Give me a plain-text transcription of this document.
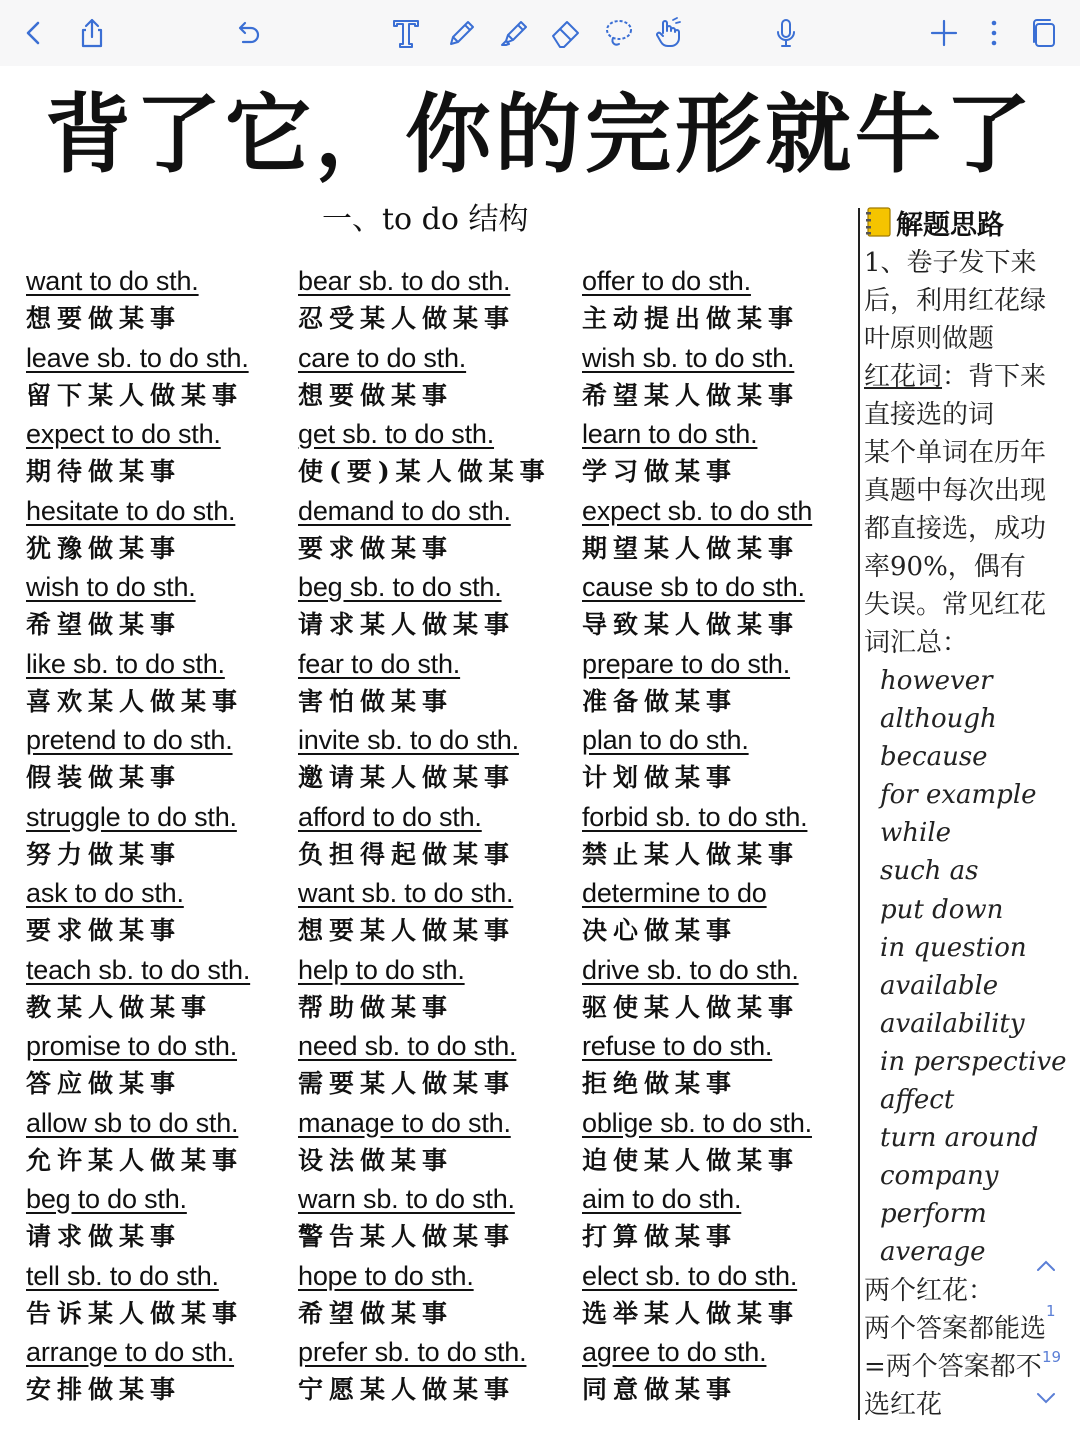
背了它，你的完形就牛了
一、to do 结构
want to do sth.
想要做某事
leave sb. to do sth.
留下某人做某事
expect to do sth.
期待做某事
hesitate to do sth.
犹豫做某事
wish to do sth.
希望做某事
like sb. to do sth.
喜欢某人做某事
pretend to do sth.
假装做某事
struggle to do sth.
努力做某事
ask to do sth.
要求做某事
teach sb. to do sth.
教某人做某事
promise to do sth.
答应做某事
allow sb to do sth.
允许某人做某事
beg to do sth.
请求做某事
tell sb. to do sth.
告诉某人做某事
arrange to do sth.
安排做某事
bear sb. to do sth.
忍受某人做某事
care to do sth.
想要做某事
get sb. to do sth.
使(要)某人做某事
demand to do sth.
要求做某事
beg sb. to do sth.
请求某人做某事
fear to do sth.
害怕做某事
invite sb. to do sth.
邀请某人做某事
afford to do sth.
负担得起做某事
want sb. to do sth.
想要某人做某事
help to do sth.
帮助做某事
need sb. to do sth.
需要某人做某事
manage to do sth.
设法做某事
warn sb. to do sth.
警告某人做某事
hope to do sth.
希望做某事
prefer sb. to do sth.
宁愿某人做某事
offer to do sth.
主动提出做某事
wish sb. to do sth.
希望某人做某事
learn to do sth.
学习做某事
expect sb. to do sth
期望某人做某事
cause sb to do sth.
导致某人做某事
prepare to do sth.
准备做某事
plan to do sth.
计划做某事
forbid sb. to do sth.
禁止某人做某事
determine to do
决心做某事
drive sb. to do sth.
驱使某人做某事
refuse to do sth.
拒绝做某事
oblige sb. to do sth.
迫使某人做某事
aim to do sth.
打算做某事
elect sb. to do sth.
选举某人做某事
agree to do sth.
同意做某事
解题思路

1、卷子发下来

后，利用红花绿

叶原则做题

红花词：背下来

直接选的词

某个单词在历年

真题中每次出现

都直接选，成功

率90%，偶有

失误。常见红花

词汇总：

however
although
because
for example
while
such as
put down
in question
available
availability
in perspective
affect
turn around
company
perform
average

两个红花：

两个答案都能选

=两个答案都不

选红花

1
19
